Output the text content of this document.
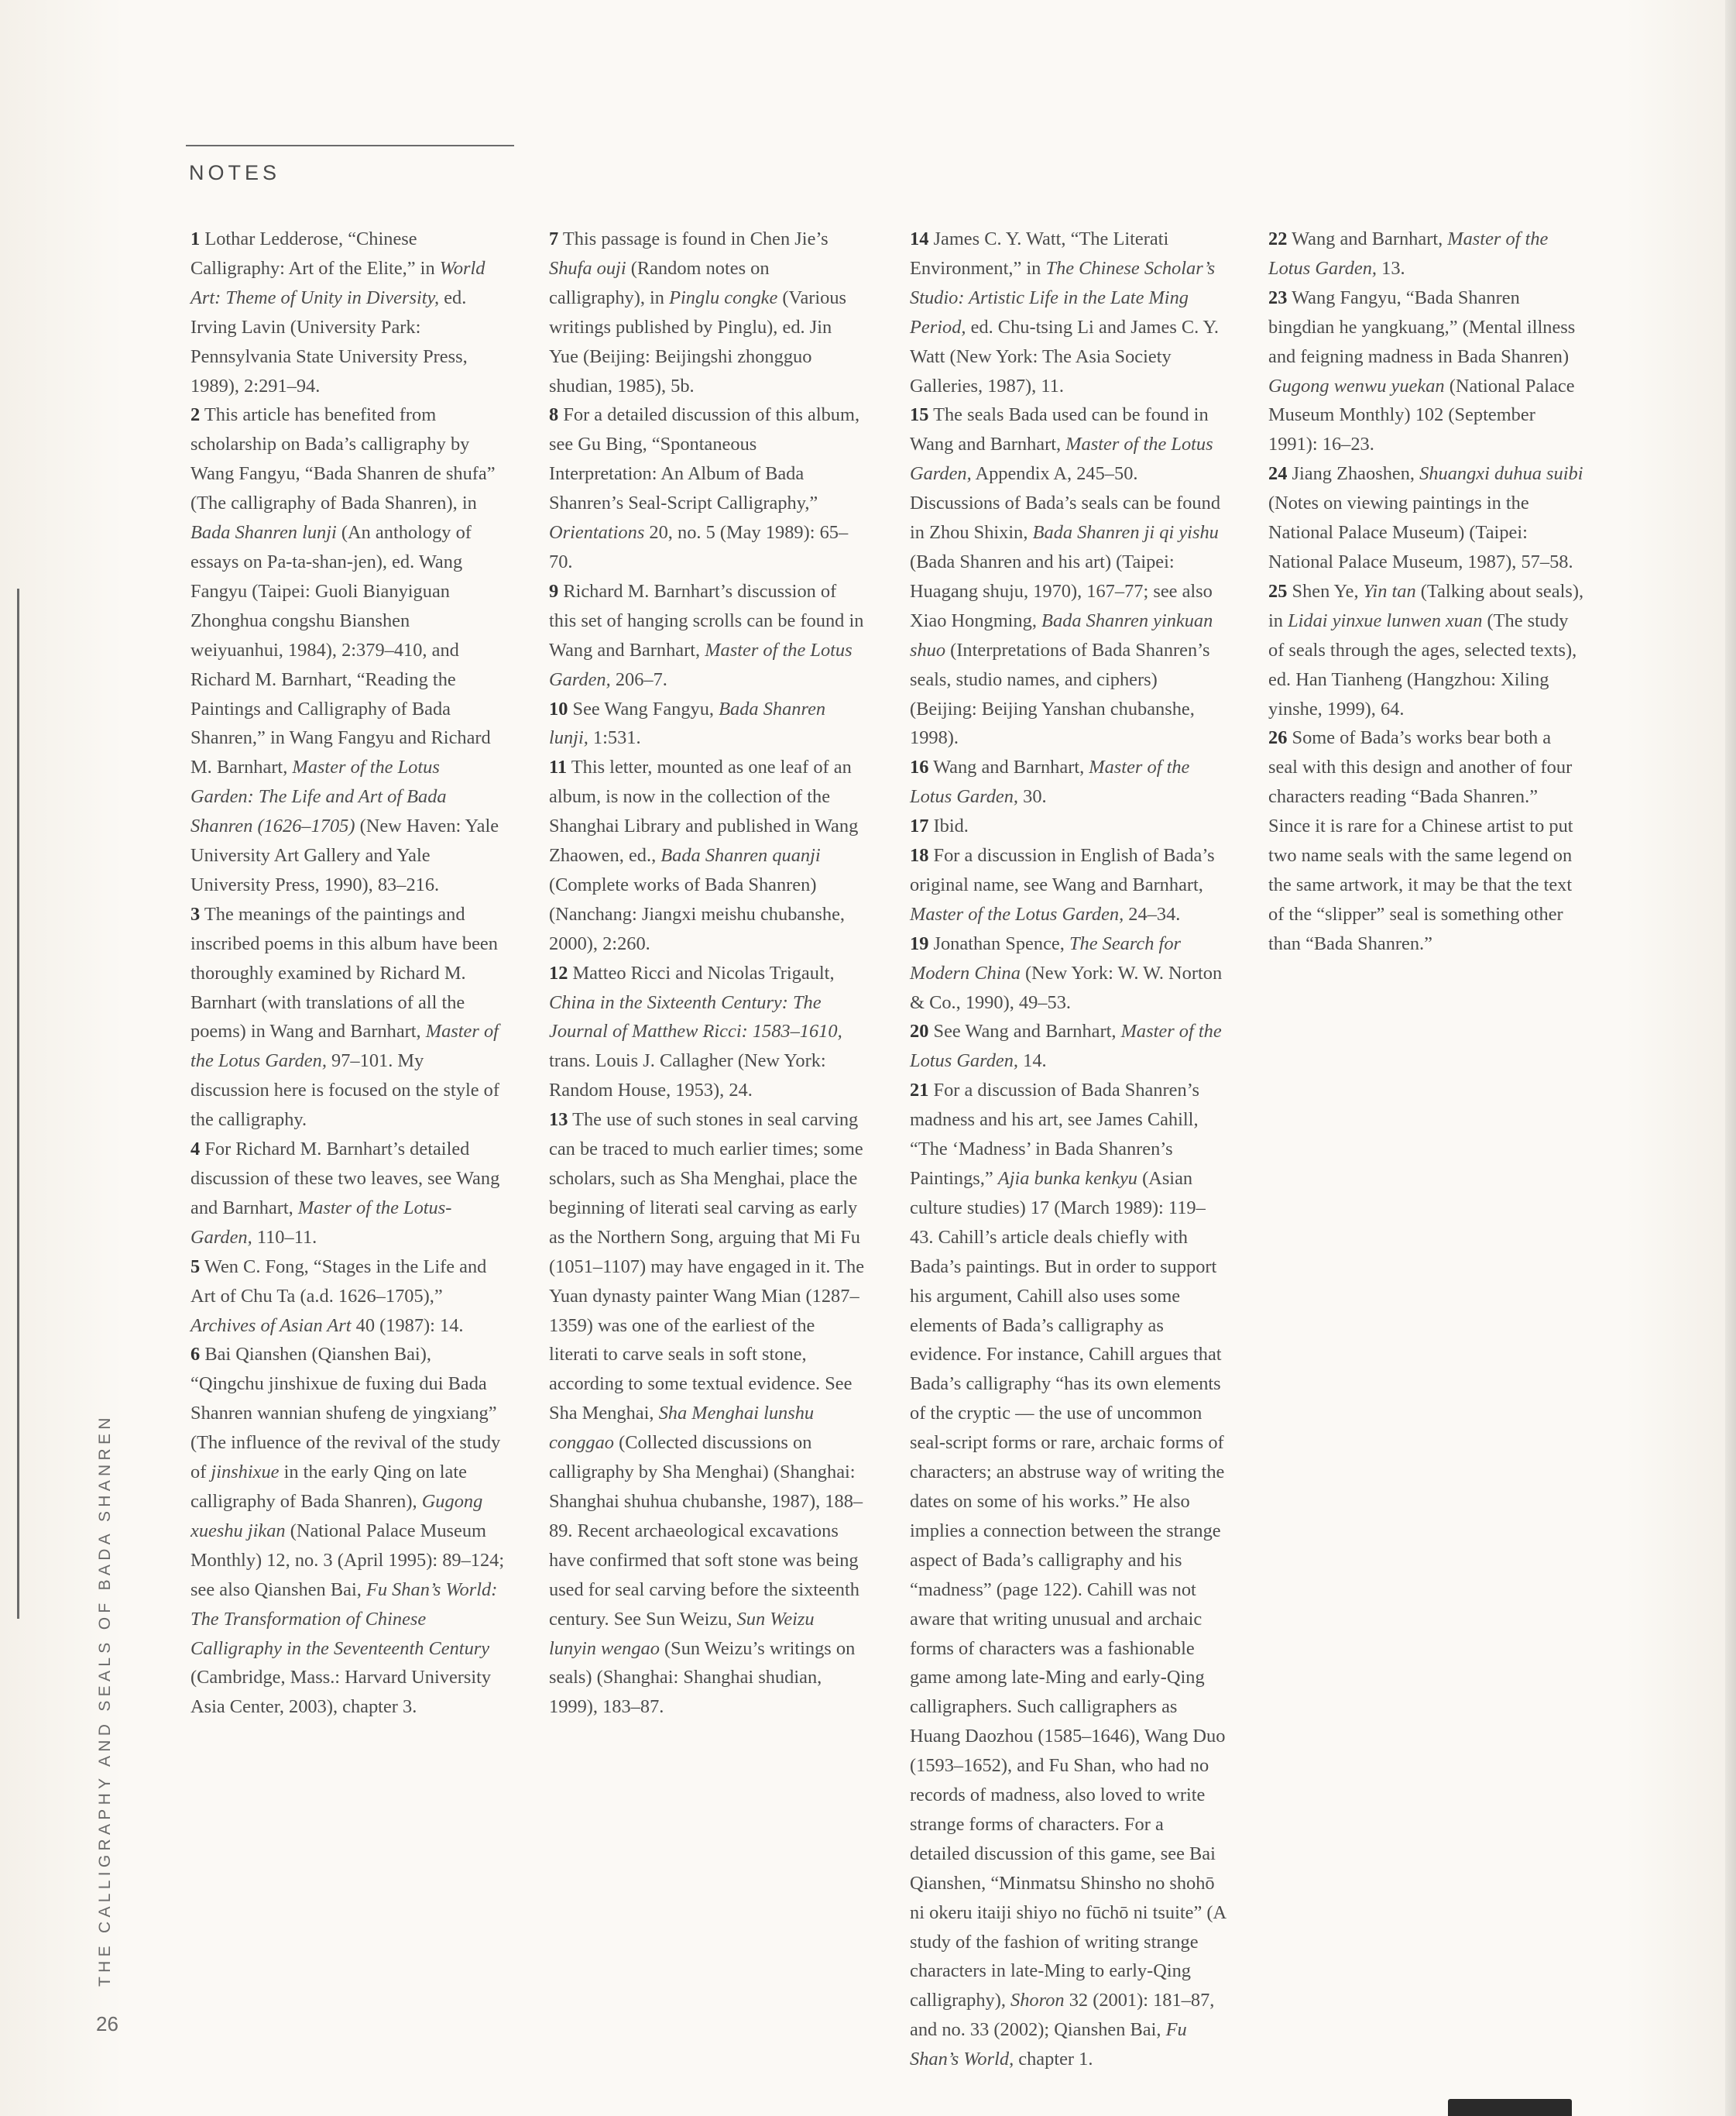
NOTES

1 Lothar Ledderose, “Chinese Calligraphy: Art of the Elite,” in World Art: Theme of Unity in Diversity, ed. Irving Lavin (University Park: Pennsylvania State University Press, 1989), 2:291–94.

2 This article has benefited from scholarship on Bada’s calligraphy by Wang Fangyu, “Bada Shanren de shufa” (The calligraphy of Bada Shanren), in Bada Shanren lunji (An anthology of essays on Pa-ta-shan-jen), ed. Wang Fangyu (Taipei: Guoli Bianyiguan Zhonghua congshu Bianshen weiyuanhui, 1984), 2:379–410, and Richard M. Barnhart, “Reading the Paintings and Calligraphy of Bada Shanren,” in Wang Fangyu and Richard M. Barnhart, Master of the Lotus Garden: The Life and Art of Bada Shanren (1626–1705) (New Haven: Yale University Art Gallery and Yale University Press, 1990), 83–216.

3 The meanings of the paintings and inscribed poems in this album have been thoroughly examined by Richard M. Barnhart (with translations of all the poems) in Wang and Barnhart, Master of the Lotus Garden, 97–101. My discussion here is focused on the style of the calligraphy.

4 For Richard M. Barnhart’s detailed discussion of these two leaves, see Wang and Barnhart, Master of the Lotus-Garden, 110–11.

5 Wen C. Fong, “Stages in the Life and Art of Chu Ta (a.d. 1626–1705),” Archives of Asian Art 40 (1987): 14.

6 Bai Qianshen (Qianshen Bai), “Qingchu jinshixue de fuxing dui Bada Shanren wannian shufeng de yingxiang” (The influence of the revival of the study of jinshixue in the early Qing on late calligraphy of Bada Shanren), Gugong xueshu jikan (National Palace Museum Monthly) 12, no. 3 (April 1995): 89–124; see also Qianshen Bai, Fu Shan’s World: The Transformation of Chinese Calligraphy in the Seventeenth Century (Cambridge, Mass.: Harvard University Asia Center, 2003), chapter 3.

7 This passage is found in Chen Jie’s Shufa ouji (Random notes on calligraphy), in Pinglu congke (Various writings published by Pinglu), ed. Jin Yue (Beijing: Beijingshi zhongguo shudian, 1985), 5b.

8 For a detailed discussion of this album, see Gu Bing, “Spontaneous Interpretation: An Album of Bada Shanren’s Seal-Script Calligraphy,” Orientations 20, no. 5 (May 1989): 65–70.

9 Richard M. Barnhart’s discussion of this set of hanging scrolls can be found in Wang and Barnhart, Master of the Lotus Garden, 206–7.

10 See Wang Fangyu, Bada Shanren lunji, 1:531.

11 This letter, mounted as one leaf of an album, is now in the collection of the Shanghai Library and published in Wang Zhaowen, ed., Bada Shanren quanji (Complete works of Bada Shanren) (Nanchang: Jiangxi meishu chubanshe, 2000), 2:260.

12 Matteo Ricci and Nicolas Trigault, China in the Sixteenth Century: The Journal of Matthew Ricci: 1583–1610, trans. Louis J. Callagher (New York: Random House, 1953), 24.

13 The use of such stones in seal carving can be traced to much earlier times; some scholars, such as Sha Menghai, place the beginning of literati seal carving as early as the Northern Song, arguing that Mi Fu (1051–1107) may have engaged in it. The Yuan dynasty painter Wang Mian (1287–1359) was one of the earliest of the literati to carve seals in soft stone, according to some textual evidence. See Sha Menghai, Sha Menghai lunshu conggao (Collected discussions on calligraphy by Sha Menghai) (Shanghai: Shanghai shuhua chubanshe, 1987), 188–89. Recent archaeological excavations have confirmed that soft stone was being used for seal carving before the sixteenth century. See Sun Weizu, Sun Weizu lunyin wengao (Sun Weizu’s writings on seals) (Shanghai: Shanghai shudian, 1999), 183–87.

14 James C. Y. Watt, “The Literati Environment,” in The Chinese Scholar’s Studio: Artistic Life in the Late Ming Period, ed. Chu-tsing Li and James C. Y. Watt (New York: The Asia Society Galleries, 1987), 11.

15 The seals Bada used can be found in Wang and Barnhart, Master of the Lotus Garden, Appendix A, 245–50. Discussions of Bada’s seals can be found in Zhou Shixin, Bada Shanren ji qi yishu (Bada Shanren and his art) (Taipei: Huagang shuju, 1970), 167–77; see also Xiao Hongming, Bada Shanren yinkuan shuo (Interpretations of Bada Shanren’s seals, studio names, and ciphers) (Beijing: Beijing Yanshan chubanshe, 1998).

16 Wang and Barnhart, Master of the Lotus Garden, 30.

17 Ibid.

18 For a discussion in English of Bada’s original name, see Wang and Barnhart, Master of the Lotus Garden, 24–34.

19 Jonathan Spence, The Search for Modern China (New York: W. W. Norton & Co., 1990), 49–53.

20 See Wang and Barnhart, Master of the Lotus Garden, 14.

21 For a discussion of Bada Shanren’s madness and his art, see James Cahill, “The ‘Madness’ in Bada Shanren’s Paintings,” Ajia bunka kenkyu (Asian culture studies) 17 (March 1989): 119–43. Cahill’s article deals chiefly with Bada’s paintings. But in order to support his argument, Cahill also uses some elements of Bada’s calligraphy as evidence. For instance, Cahill argues that Bada’s calligraphy “has its own elements of the cryptic — the use of uncommon seal-script forms or rare, archaic forms of characters; an abstruse way of writing the dates on some of his works.” He also implies a connection between the strange aspect of Bada’s calligraphy and his “madness” (page 122). Cahill was not aware that writing unusual and archaic forms of characters was a fashionable game among late-Ming and early-Qing calligraphers. Such calligraphers as Huang Daozhou (1585–1646), Wang Duo (1593–1652), and Fu Shan, who had no records of madness, also loved to write strange forms of characters. For a detailed discussion of this game, see Bai Qianshen, “Minmatsu Shinsho no shohō ni okeru itaiji shiyo no fūchō ni tsuite” (A study of the fashion of writing strange characters in late-Ming to early-Qing calligraphy), Shoron 32 (2001): 181–87, and no. 33 (2002); Qianshen Bai, Fu Shan’s World, chapter 1.

22 Wang and Barnhart, Master of the Lotus Garden, 13.

23 Wang Fangyu, “Bada Shanren bingdian he yangkuang,” (Mental illness and feigning madness in Bada Shanren) Gugong wenwu yuekan (National Palace Museum Monthly) 102 (September 1991): 16–23.

24 Jiang Zhaoshen, Shuangxi duhua suibi (Notes on viewing paintings in the National Palace Museum) (Taipei: National Palace Museum, 1987), 57–58.

25 Shen Ye, Yin tan (Talking about seals), in Lidai yinxue lunwen xuan (The study of seals through the ages, selected texts), ed. Han Tianheng (Hangzhou: Xiling yinshe, 1999), 64.

26 Some of Bada’s works bear both a seal with this design and another of four characters reading “Bada Shanren.” Since it is rare for a Chinese artist to put two name seals with the same legend on the same artwork, it may be that the text of the “slipper” seal is something other than “Bada Shanren.”

THE CALLIGRAPHY AND SEALS OF BADA SHANREN
26
